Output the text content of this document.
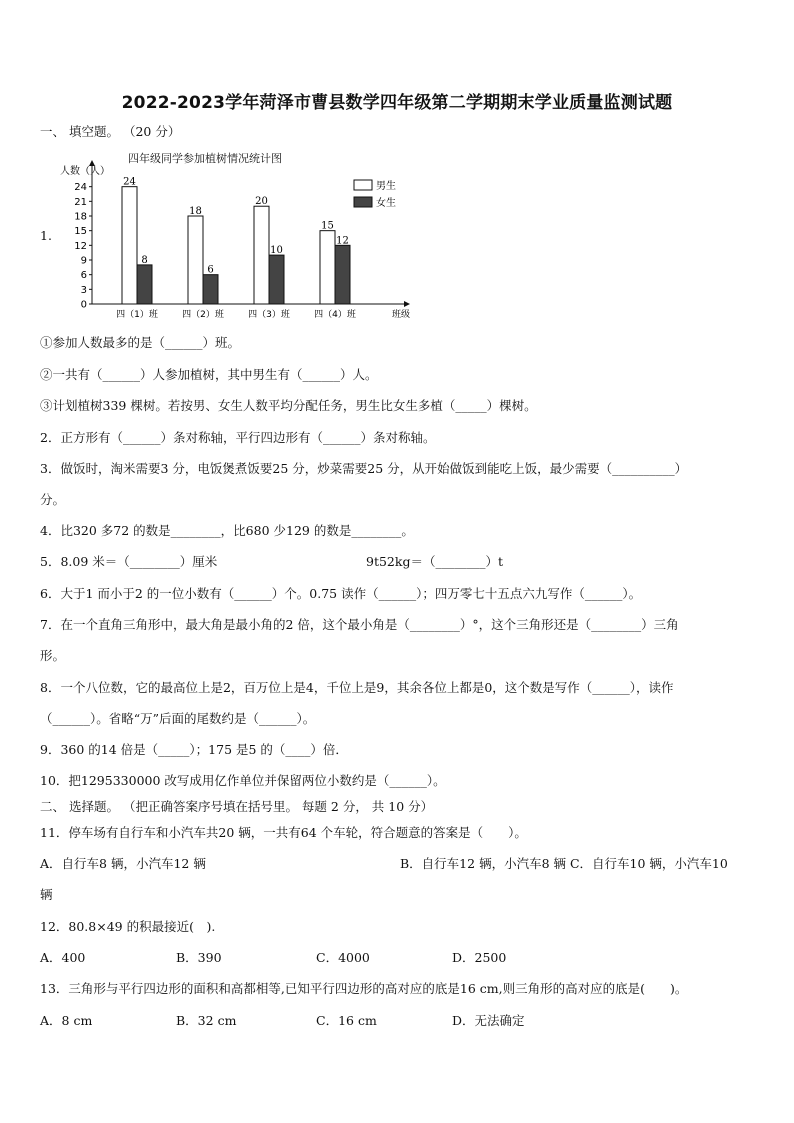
2022-2023学年菏泽市曹县数学四年级第二学期期末学业质量监测试题
一、 填空题。 （20 分）
1.
四年级同学参加植树情况统计图
人数（人）
0
3
6
9
12
15
18
21
24	24
8
四（1）班
18
6
四（2）班
20
10
四（3）班
15
12
四（4）班	班级
男生
女生
①参加人数最多的是（______）班。
②一共有（______）人参加植树，其中男生有（______）人。
③计划植树339 棵树。若按男、女生人数平均分配任务，男生比女生多植（_____）棵树。
2．正方形有（______）条对称轴，平行四边形有（______）条对称轴。
3．做饭时，淘米需要3 分，电饭煲煮饭要25 分，炒菜需要25 分，从开始做饭到能吃上饭，最少需要（__________）
分。
4．比320 多72 的数是________，比680 少129 的数是________。
5．8.09 米＝（________）厘米	9t52kg＝（________）t
6．大于1 而小于2 的一位小数有（______）个。0.75 读作（______）；四万零七十五点六九写作（______）。
7．在一个直角三角形中，最大角是最小角的2 倍，这个最小角是（________）°，这个三角形还是（________）三角
形。
8．一个八位数，它的最高位上是2，百万位上是4，千位上是9，其余各位上都是0，这个数是写作（______），读作
（______）。省略“万”后面的尾数约是（______）。
9．360 的14 倍是（_____）；175 是5 的（____）倍．
10．把1295330000 改写成用亿作单位并保留两位小数约是（______）。
二、 选择题。 （把正确答案序号填在括号里。 每题 2 分， 共 10 分）
11．停车场有自行车和小汽车共20 辆，一共有64 个车轮，符合题意的答案是（　　）。
A．自行车8 辆，小汽车12 辆	B．自行车12 辆，小汽车8 辆 C．自行车10 辆，小汽车10
辆
12．80.8×49 的积最接近(　).
A．400	B．390	C．4000	D．2500
13．三角形与平行四边形的面积和高都相等,已知平行四边形的高对应的底是16 cm,则三角形的高对应的底是(　　)。
A．8 cm	B．32 cm	C．16 cm	D．无法确定
